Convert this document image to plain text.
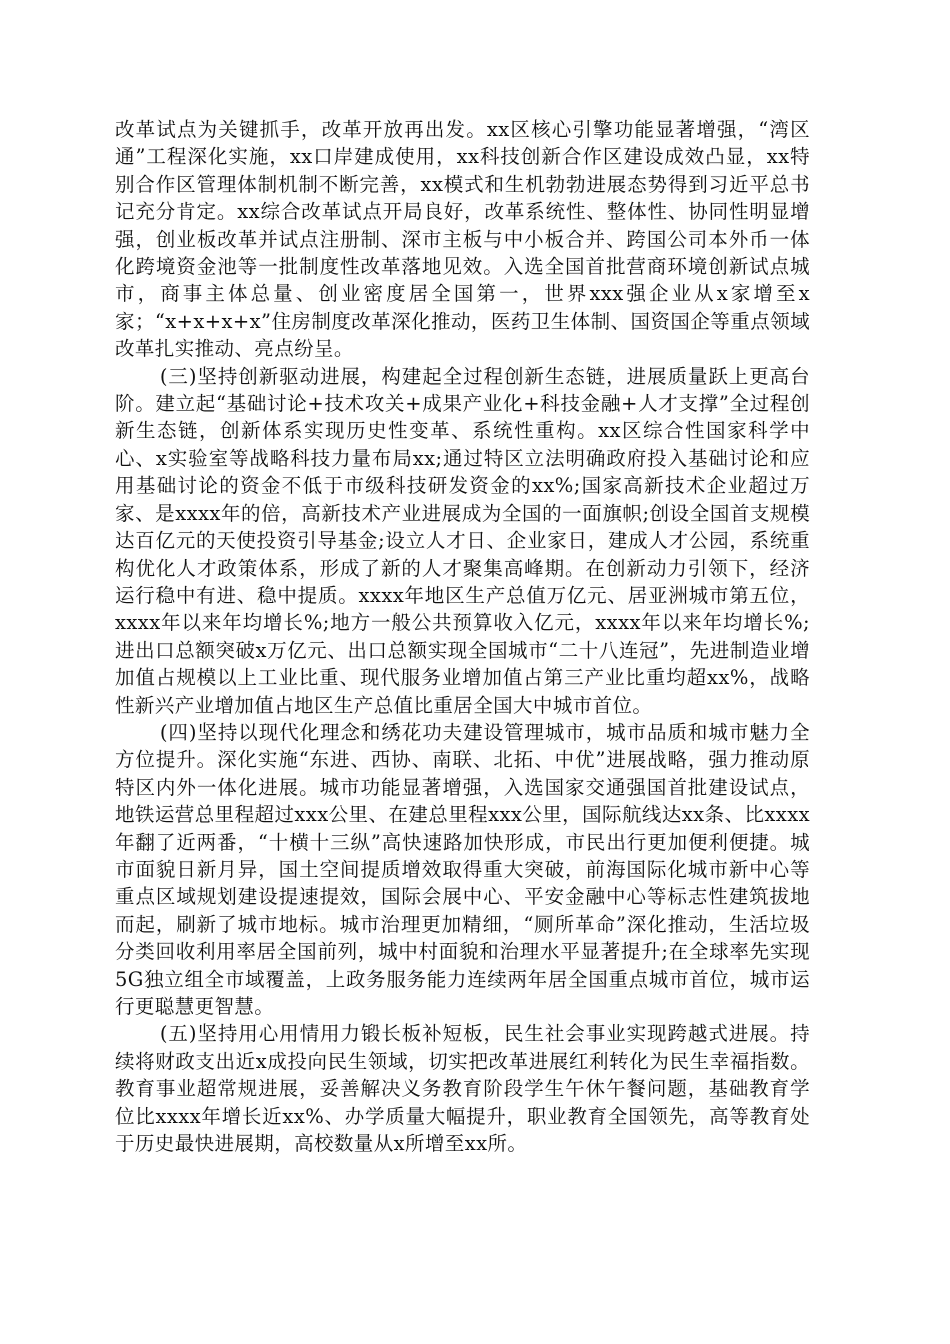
改革试点为关键抓手，改革开放再出发。xx区核心引擎功能显著增强，“湾区通”工程深化实施，xx口岸建成使用，xx科技创新合作区建设成效凸显，xx特别合作区管理体制机制不断完善，xx模式和生机勃勃进展态势得到习近平总书记充分肯定。xx综合改革试点开局良好，改革系统性、整体性、协同性明显增强，创业板改革并试点注册制、深市主板与中小板合并、跨国公司本外币一体化跨境资金池等一批制度性改革落地见效。入选全国首批营商环境创新试点城市，商事主体总量、创业密度居全国第一，世界xxx强企业从x家增至x家；“x+x+x+x”住房制度改革深化推动，医药卫生体制、国资国企等重点领域改革扎实推动、亮点纷呈。

(三)坚持创新驱动进展，构建起全过程创新生态链，进展质量跃上更高台阶。建立起“基础讨论+技术攻关+成果产业化+科技金融+人才支撑”全过程创新生态链，创新体系实现历史性变革、系统性重构。xx区综合性国家科学中心、x实验室等战略科技力量布局xx;通过特区立法明确政府投入基础讨论和应用基础讨论的资金不低于市级科技研发资金的xx%;国家高新技术企业超过万家、是xxxx年的倍，高新技术产业进展成为全国的一面旗帜;创设全国首支规模达百亿元的天使投资引导基金;设立人才日、企业家日，建成人才公园，系统重构优化人才政策体系，形成了新的人才聚集高峰期。在创新动力引领下，经济运行稳中有进、稳中提质。xxxx年地区生产总值万亿元、居亚洲城市第五位，xxxx年以来年均增长%;地方一般公共预算收入亿元，xxxx年以来年均增长%;进出口总额突破x万亿元、出口总额实现全国城市“二十八连冠”，先进制造业增加值占规模以上工业比重、现代服务业增加值占第三产业比重均超xx%，战略性新兴产业增加值占地区生产总值比重居全国大中城市首位。

(四)坚持以现代化理念和绣花功夫建设管理城市，城市品质和城市魅力全方位提升。深化实施“东进、西协、南联、北拓、中优”进展战略，强力推动原特区内外一体化进展。城市功能显著增强，入选国家交通强国首批建设试点，地铁运营总里程超过xxx公里、在建总里程xxx公里，国际航线达xx条、比xxxx年翻了近两番，“十横十三纵”高快速路加快形成，市民出行更加便利便捷。城市面貌日新月异，国土空间提质增效取得重大突破，前海国际化城市新中心等重点区域规划建设提速提效，国际会展中心、平安金融中心等标志性建筑拔地而起，刷新了城市地标。城市治理更加精细，“厕所革命”深化推动，生活垃圾分类回收利用率居全国前列，城中村面貌和治理水平显著提升;在全球率先实现5G独立组全市域覆盖，上政务服务能力连续两年居全国重点城市首位，城市运行更聪慧更智慧。

(五)坚持用心用情用力锻长板补短板，民生社会事业实现跨越式进展。持续将财政支出近x成投向民生领域，切实把改革进展红利转化为民生幸福指数。教育事业超常规进展，妥善解决义务教育阶段学生午休午餐问题，基础教育学位比xxxx年增长近xx%、办学质量大幅提升，职业教育全国领先，高等教育处于历史最快进展期，高校数量从x所增至xx所。
